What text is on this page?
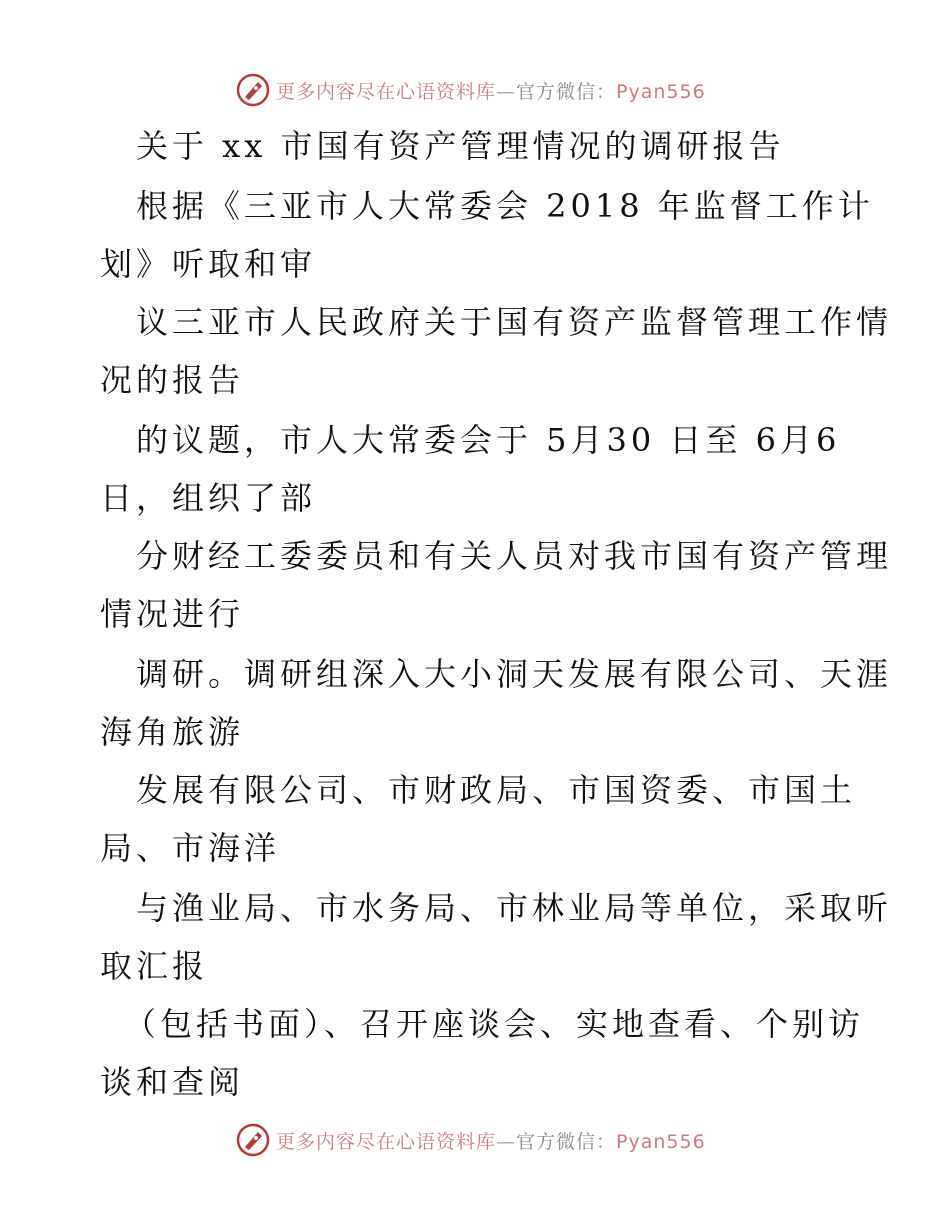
更多内容尽在心语资料库—官方微信：Pyan556
关于 xx 市国有资产管理情况的调研报告
根据《三亚市人大常委会 2018 年监督工作计
划》听取和审
议三亚市人民政府关于国有资产监督管理工作情
况的报告
的议题，市人大常委会于 5月30 日至 6月6
日，组织了部
分财经工委委员和有关人员对我市国有资产管理
情况进行
调研。调研组深入大小洞天发展有限公司、天涯
海角旅游
发展有限公司、市财政局、市国资委、市国土
局、市海洋
与渔业局、市水务局、市林业局等单位，采取听
取汇报
（包括书面）、召开座谈会、实地查看、个别访
谈和查阅
更多内容尽在心语资料库—官方微信：Pyan556
